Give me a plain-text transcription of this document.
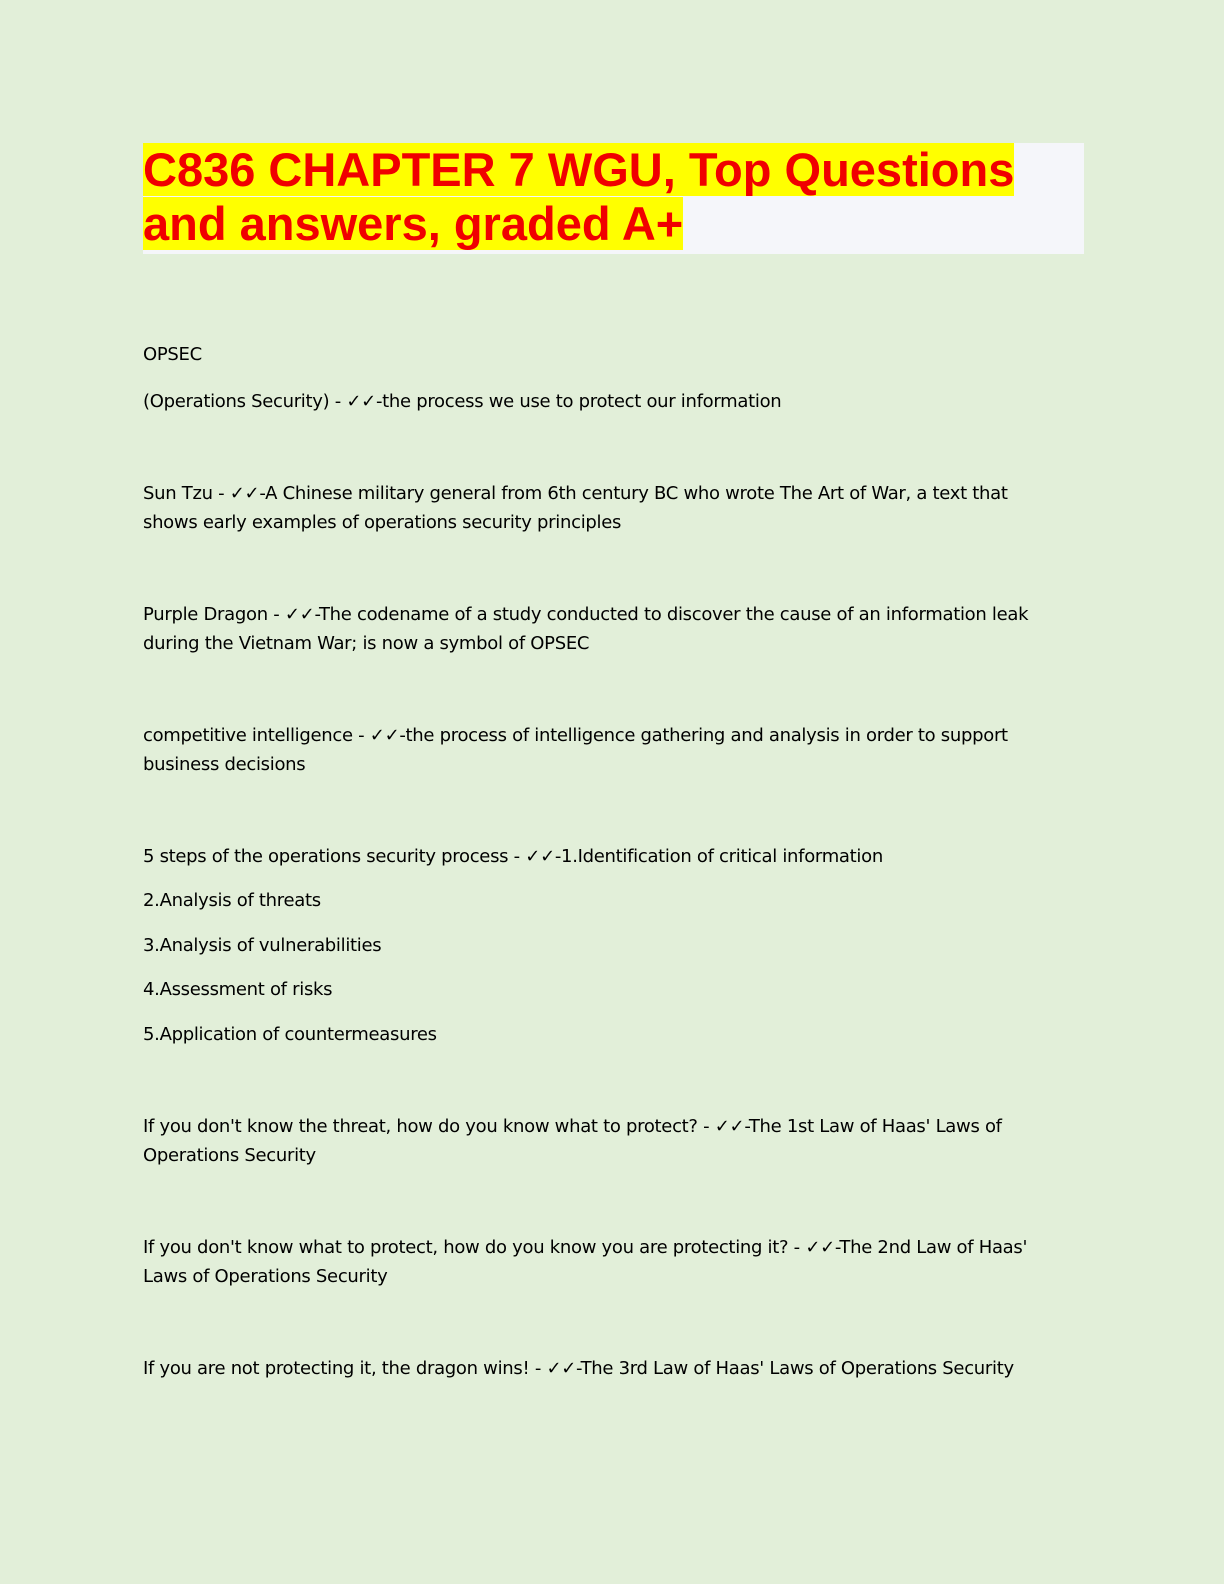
C836 CHAPTER 7 WGU, Top Questions and answers, graded A+
OPSEC
(Operations Security) - ✓✓-the process we use to protect our information
Sun Tzu - ✓✓-A Chinese military general from 6th century BC who wrote The Art of War, a text that
shows early examples of operations security principles
Purple Dragon - ✓✓-The codename of a study conducted to discover the cause of an information leak
during the Vietnam War; is now a symbol of OPSEC
competitive intelligence - ✓✓-the process of intelligence gathering and analysis in order to support
business decisions
5 steps of the operations security process - ✓✓-1.Identification of critical information
2.Analysis of threats
3.Analysis of vulnerabilities
4.Assessment of risks
5.Application of countermeasures
If you don't know the threat, how do you know what to protect? - ✓✓-The 1st Law of Haas' Laws of
Operations Security
If you don't know what to protect, how do you know you are protecting it? - ✓✓-The 2nd Law of Haas'
Laws of Operations Security
If you are not protecting it, the dragon wins! - ✓✓-The 3rd Law of Haas' Laws of Operations Security
